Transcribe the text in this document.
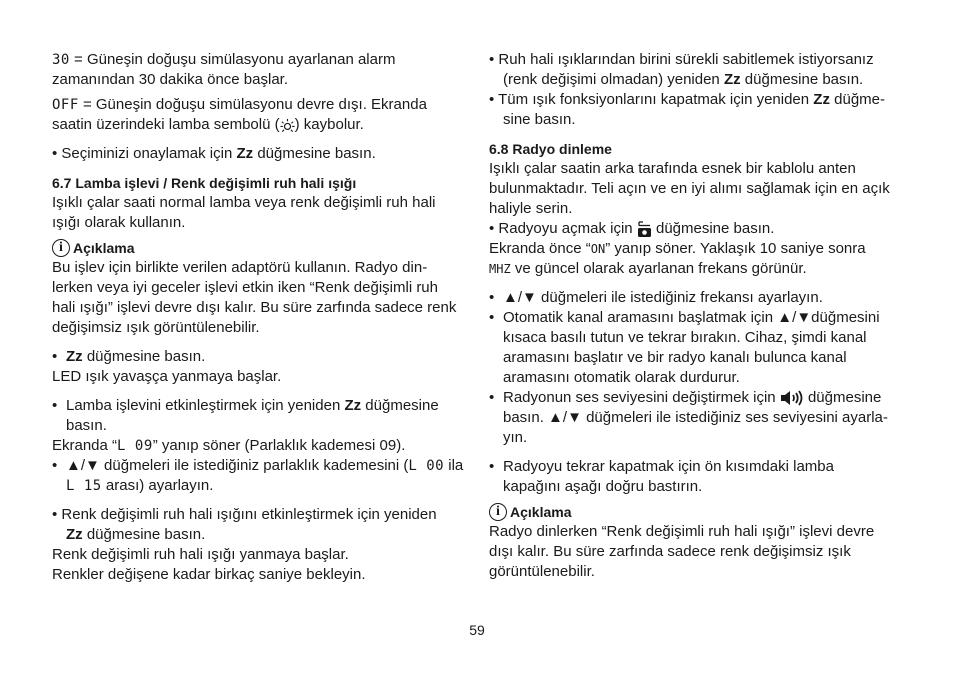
30 = Güneşin doğuşu simülasyonu ayarlanan alarm

zamanından 30 dakika önce başlar.

OFF = Güneşin doğuşu simülasyonu devre dışı. Ekranda

saatin üzerindeki lamba sembolü ( ) kaybolur.

• Seçiminizi onaylamak için Zz düğmesine basın.

6.7 Lamba işlevi / Renk değişimli ruh hali ışığı

Işıklı çalar saati normal lamba veya renk değişimli ruh hali

ışığı olarak kullanın.

i Açıklama

Bu işlev için birlikte verilen adaptörü kullanın. Radyo din-

lerken veya iyi geceler işlevi etkin iken “Renk değişimli ruh

hali ışığı” işlevi devre dışı kalır. Bu süre zarfında sadece renk

değişimsiz ışık görüntülenebilir.

• Zz düğmesine basın.

LED ışık yavaşça yanmaya başlar.

• Lamba işlevini etkinleştirmek için yeniden Zz düğmesine
basın.

Ekranda “L 09” yanıp söner (Parlaklık kademesi 09).

• ▲/▼ düğmeleri ile istediğiniz parlaklık kademesini (L 00 ila
L 15 arası) ayarlayın.
• Renk değişimli ruh hali ışığını etkinleştirmek için yeniden
Zz düğmesine basın.

Renk değişimli ruh hali ışığı yanmaya başlar.

Renkler değişene kadar birkaç saniye bekleyin.

• Ruh hali ışıklarından birini sürekli sabitlemek istiyorsanız

(renk değişimi olmadan) yeniden Zz düğmesine basın.

• Tüm ışık fonksiyonlarını kapatmak için yeniden Zz düğme-

sine basın.

6.8 Radyo dinleme

Işıklı çalar saatin arka tarafında esnek bir kablolu anten

bulunmaktadır. Teli açın ve en iyi alımı sağlamak için en açık

haliyle serin.

• Radyoyu açmak için  düğmesine basın.

Ekranda önce “ON” yanıp söner. Yaklaşık 10 saniye sonra

MHZ ve güncel olarak ayarlanan frekans görünür.

• ▲/▼ düğmeleri ile istediğiniz frekansı ayarlayın.
• Otomatik kanal aramasını başlatmak için ▲/▼düğmesini
kısaca basılı tutun ve tekrar bırakın. Cihaz, şimdi kanal
aramasını başlatır ve bir radyo kanalı bulunca kanal
aramasını otomatik olarak durdurur.
• Radyonun ses seviyesini değiştirmek için  düğmesine
basın. ▲/▼ düğmeleri ile istediğiniz ses seviyesini ayarla-
yın.
• Radyoyu tekrar kapatmak için ön kısımdaki lamba
kapağını aşağı doğru bastırın.
i Açıklama

Radyo dinlerken “Renk değişimli ruh hali ışığı” işlevi devre

dışı kalır. Bu süre zarfında sadece renk değişimsiz ışık

görüntülenebilir.

59
